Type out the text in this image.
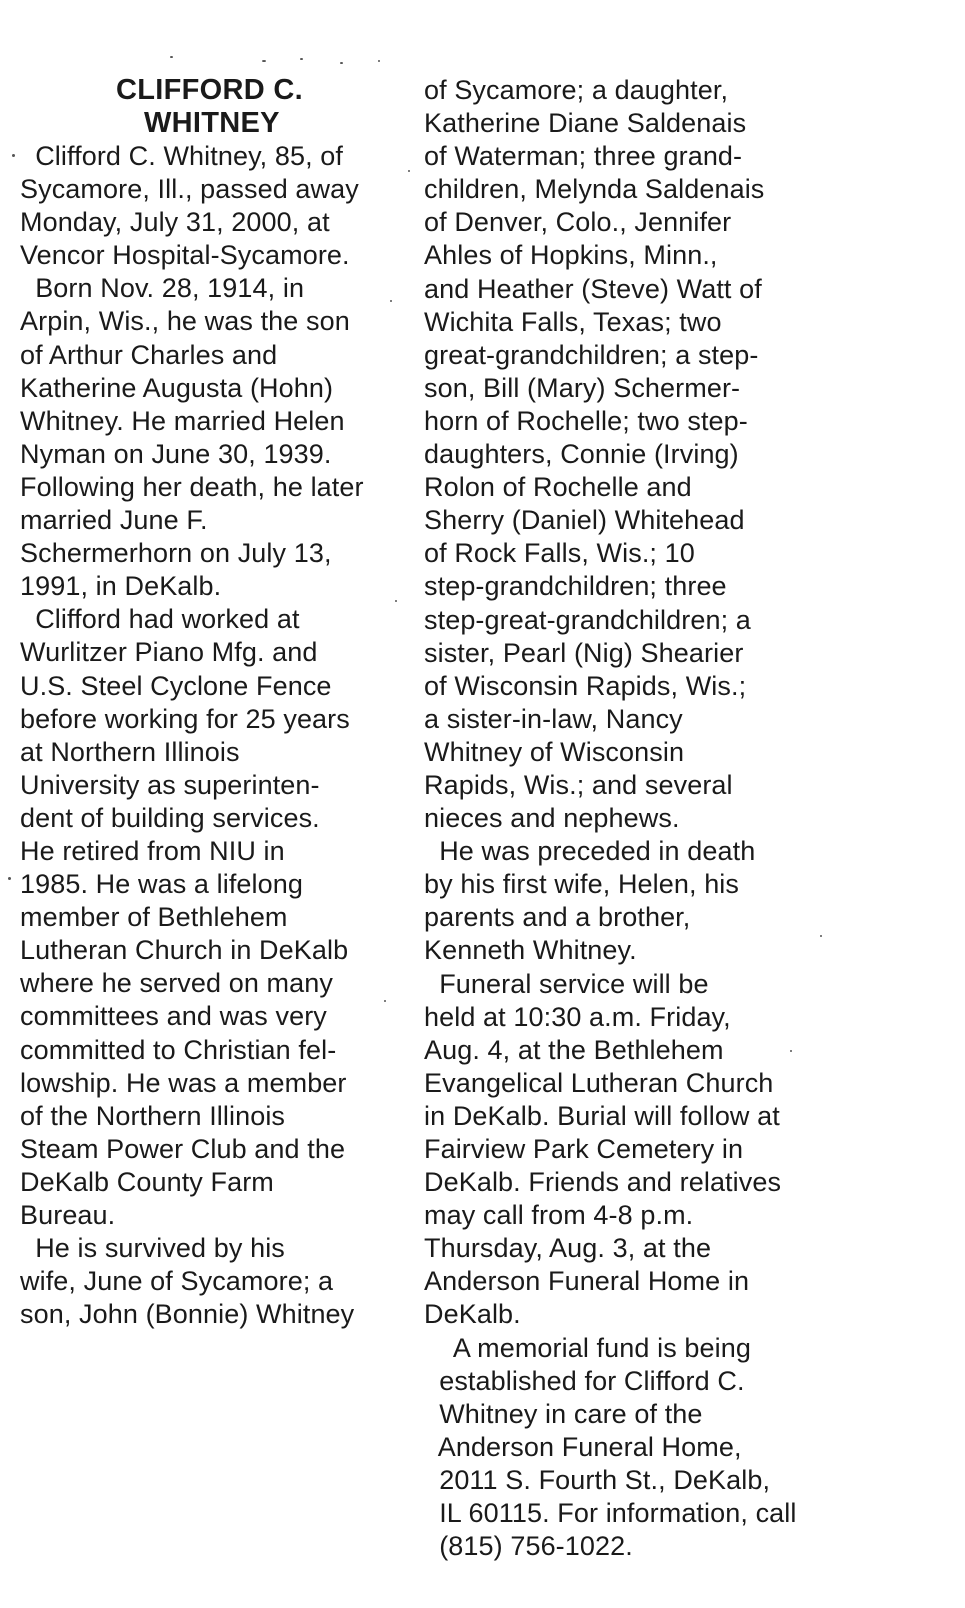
CLIFFORD C.
WHITNEY
Clifford C. Whitney, 85, of
Sycamore, Ill., passed away
Monday, July 31, 2000, at
Vencor Hospital-Sycamore.
Born Nov. 28, 1914, in
Arpin, Wis., he was the son
of Arthur Charles and
Katherine Augusta (Hohn)
Whitney. He married Helen
Nyman on June 30, 1939.
Following her death, he later
married June F.
Schermerhorn on July 13,
1991, in DeKalb.
Clifford had worked at
Wurlitzer Piano Mfg. and
U.S. Steel Cyclone Fence
before working for 25 years
at Northern Illinois
University as superinten-
dent of building services.
He retired from NIU in
1985. He was a lifelong
member of Bethlehem
Lutheran Church in DeKalb
where he served on many
committees and was very
committed to Christian fel-
lowship. He was a member
of the Northern Illinois
Steam Power Club and the
DeKalb County Farm
Bureau.
He is survived by his
wife, June of Sycamore; a
son, John (Bonnie) Whitney
of Sycamore; a daughter,
Katherine Diane Saldenais
of Waterman; three grand-
children, Melynda Saldenais
of Denver, Colo., Jennifer
Ahles of Hopkins, Minn.,
and Heather (Steve) Watt of
Wichita Falls, Texas; two
great-grandchildren; a step-
son, Bill (Mary) Schermer-
horn of Rochelle; two step-
daughters, Connie (Irving)
Rolon of Rochelle and
Sherry (Daniel) Whitehead
of Rock Falls, Wis.; 10
step-grandchildren; three
step-great-grandchildren; a
sister, Pearl (Nig) Shearier
of Wisconsin Rapids, Wis.;
a sister-in-law, Nancy
Whitney of Wisconsin
Rapids, Wis.; and several
nieces and nephews.
He was preceded in death
by his first wife, Helen, his
parents and a brother,
Kenneth Whitney.
Funeral service will be
held at 10:30 a.m. Friday,
Aug. 4, at the Bethlehem
Evangelical Lutheran Church
in DeKalb. Burial will follow at
Fairview Park Cemetery in
DeKalb. Friends and relatives
may call from 4-8 p.m.
Thursday, Aug. 3, at the
Anderson Funeral Home in
DeKalb.
A memorial fund is being
established for Clifford C.
Whitney in care of the
Anderson Funeral Home,
2011 S. Fourth St., DeKalb,
IL 60115. For information, call
(815) 756-1022.
